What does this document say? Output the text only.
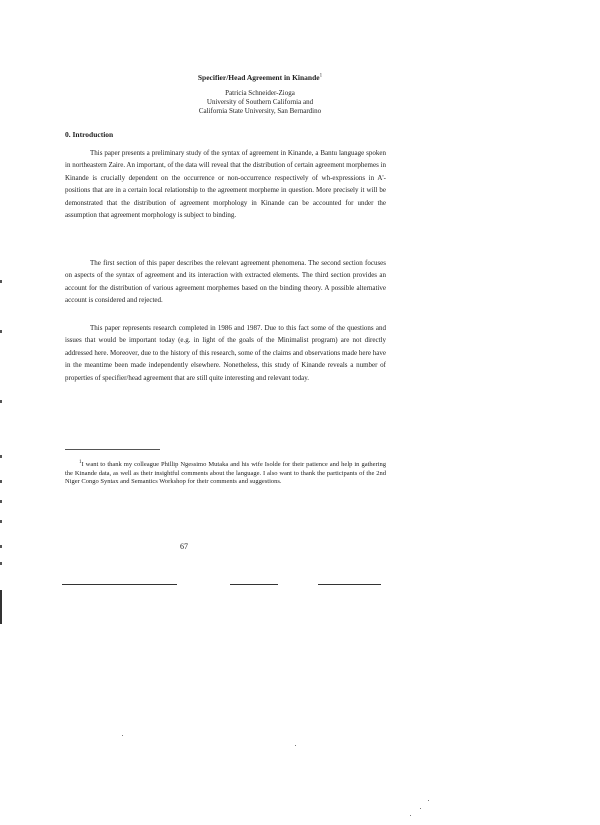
Specifier/Head Agreement in Kinande$^1$
Patricia Schneider-Zioga
University of Southern California and
California State University, San Bernardino
0. Introduction

This paper presents a preliminary study of the syntax of agreement in Kinande, a Bantu language spoken in northeastern Zaire. An important, of the data will reveal that the distribution of certain agreement morphemes in Kinande is crucially dependent on the occurrence or non-occurrence respectively of wh-expressions in A'-positions that are in a certain local relationship to the agreement morpheme in question. More precisely it will be demonstrated that the distribution of agreement morphology in Kinande can be accounted for under the assumption that agreement morphology is subject to binding.

The first section of this paper describes the relevant agreement phenomena. The second section focuses on aspects of the syntax of agreement and its interaction with extracted elements. The third section provides an account for the distribution of various agreement morphemes based on the binding theory. A possible alternative account is considered and rejected.

This paper represents research completed in 1986 and 1987. Due to this fact some of the questions and issues that would be important today (e.g. in light of the goals of the Minimalist program) are not directly addressed here. Moreover, due to the history of this research, some of the claims and observations made here have in the meantime been made independently elsewhere. Nonetheless, this study of Kinande reveals a number of properties of specifier/head agreement that are still quite interesting and relevant today.

$^1$I want to thank my colleague Phillip Ngessimo Mutaka and his wife Isolde for their patience and help in gathering the Kinande data, as well as their insightful comments about the language. I also want to thank the participants of the 2nd Niger Congo Syntax and Semantics Workshop for their comments and suggestions.

67
